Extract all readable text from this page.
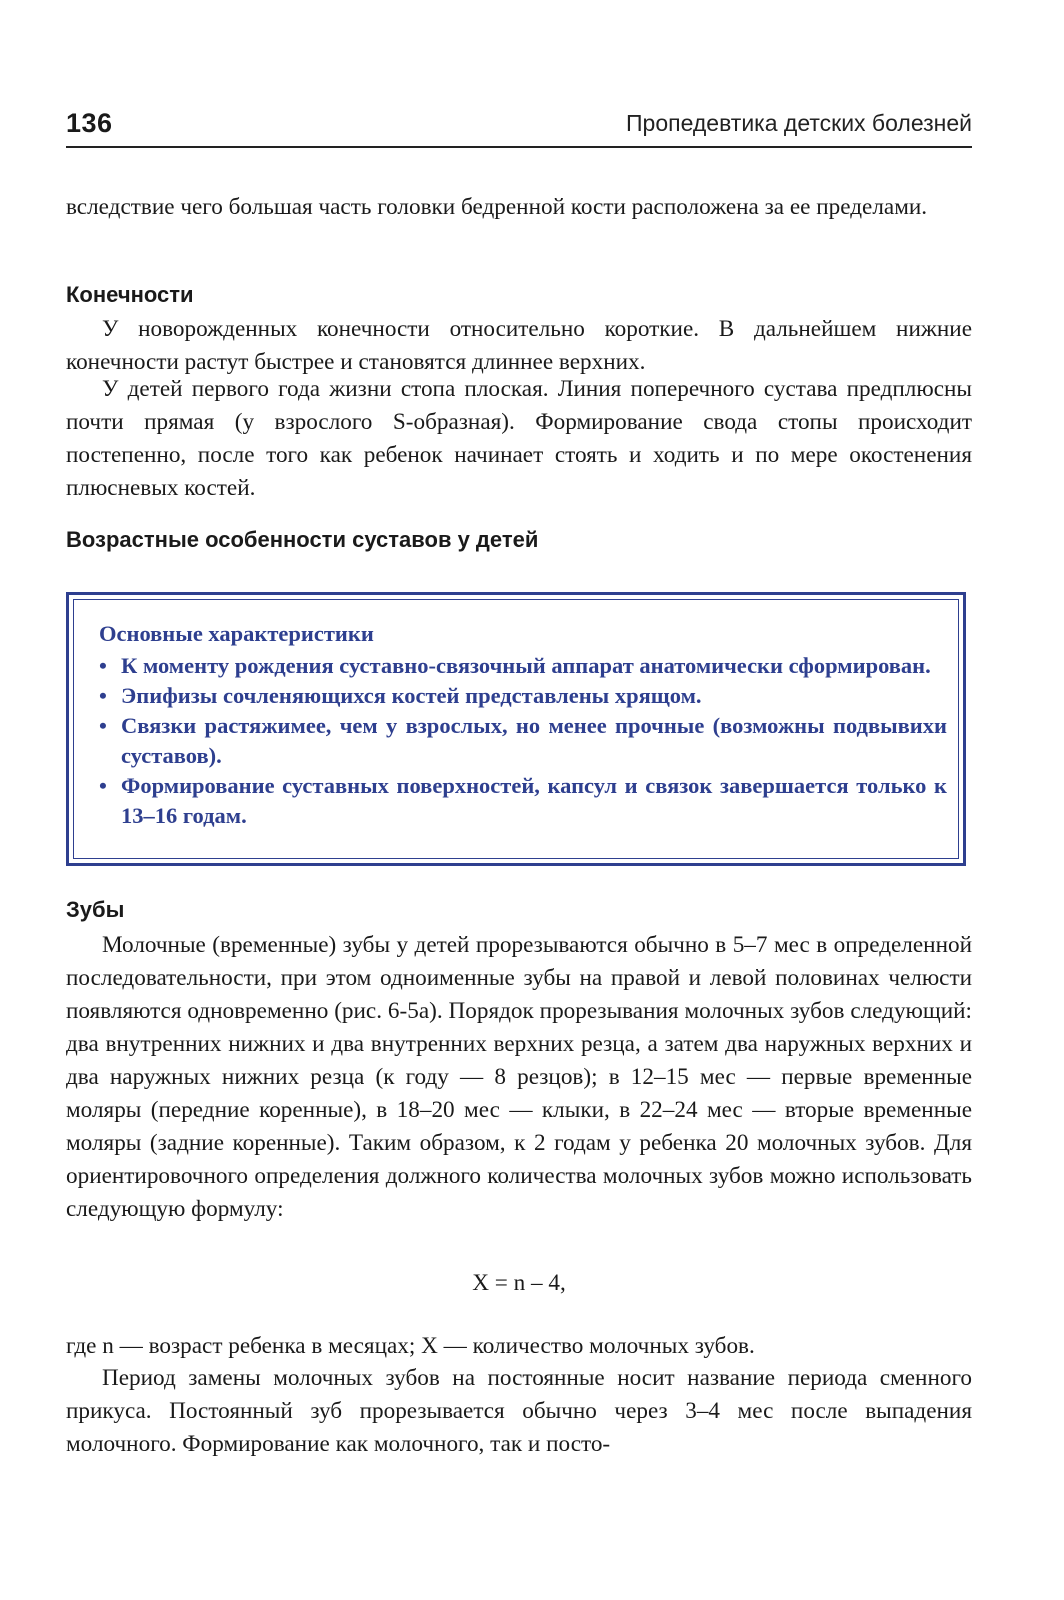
136	Пропедевтика детских болезней

вследствие чего большая часть головки бедренной кости расположена за ее пределами.

Конечности

У новорожденных конечности относительно короткие. В дальнейшем нижние конечности растут быстрее и становятся длиннее верхних.

У детей первого года жизни стопа плоская. Линия поперечного сустава предплюсны почти прямая (у взрослого S-образная). Формирование свода стопы происходит постепенно, после того как ребенок начинает стоять и ходить и по мере окостенения плюсневых костей.

Возрастные особенности суставов у детей

Основные характеристики

• К моменту рождения суставно-связочный аппарат анатомически сформирован.
• Эпифизы сочленяющихся костей представлены хрящом.
• Связки растяжимее, чем у взрослых, но менее прочные (возможны подвывихи суставов).
• Формирование суставных поверхностей, капсул и связок завершается только к 13–16 годам.
Зубы

Молочные (временные) зубы у детей прорезываются обычно в 5–7 мес в определенной последовательности, при этом одноименные зубы на правой и левой половинах челюсти появляются одновременно (рис. 6-5а). Порядок прорезывания молочных зубов следующий: два внутренних нижних и два внутренних верхних резца, а затем два наружных верхних и два наружных нижних резца (к году — 8 резцов); в 12–15 мес — первые временные моляры (передние коренные), в 18–20 мес — клыки, в 22–24 мес — вторые временные моляры (задние коренные). Таким образом, к 2 годам у ребенка 20 молочных зубов. Для ориентировочного определения должного количества молочных зубов можно использовать следующую формулу:

X = n – 4,

где n — возраст ребенка в месяцах; X — количество молочных зубов.

Период замены молочных зубов на постоянные носит название периода сменного прикуса. Постоянный зуб прорезывается обычно через 3–4 мес после выпадения молочного. Формирование как молочного, так и посто-
